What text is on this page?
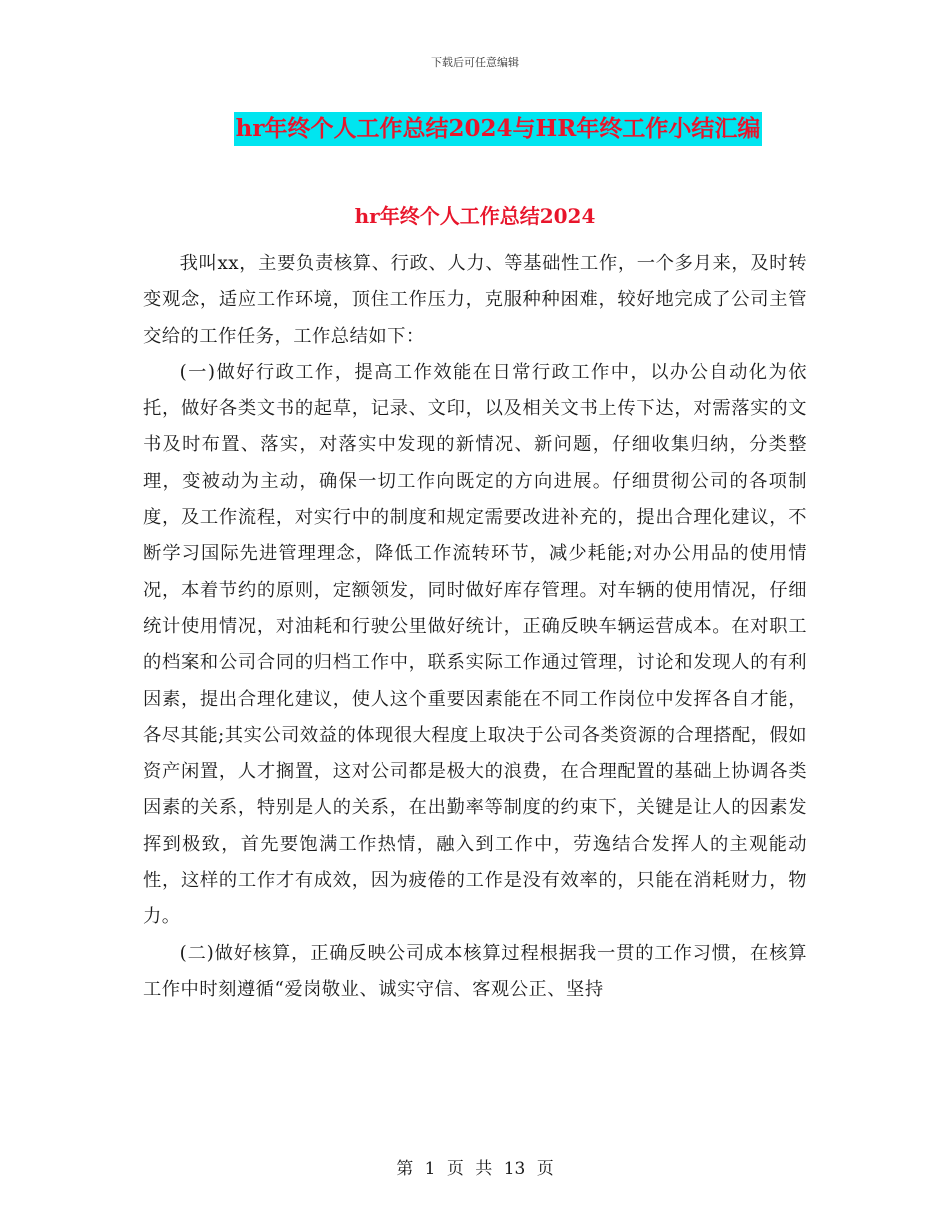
下载后可任意编辑
hr年终个人工作总结2024与HR年终工作小结汇编
hr年终个人工作总结2024

我叫xx，主要负责核算、行政、人力、等基础性工作，一个多月来，及时转变观念，适应工作环境，顶住工作压力，克服种种困难，较好地完成了公司主管交给的工作任务，工作总结如下：

(一)做好行政工作，提高工作效能在日常行政工作中，以办公自动化为依托，做好各类文书的起草，记录、文印，以及相关文书上传下达，对需落实的文书及时布置、落实，对落实中发现的新情况、新问题，仔细收集归纳，分类整理，变被动为主动，确保一切工作向既定的方向进展。仔细贯彻公司的各项制度，及工作流程，对实行中的制度和规定需要改进补充的，提出合理化建议，不断学习国际先进管理理念，降低工作流转环节，减少耗能;对办公用品的使用情况，本着节约的原则，定额领发，同时做好库存管理。对车辆的使用情况，仔细统计使用情况，对油耗和行驶公里做好统计，正确反映车辆运营成本。在对职工的档案和公司合同的归档工作中，联系实际工作通过管理，讨论和发现人的有利因素，提出合理化建议，使人这个重要因素能在不同工作岗位中发挥各自才能，各尽其能;其实公司效益的体现很大程度上取决于公司各类资源的合理搭配，假如资产闲置，人才搁置，这对公司都是极大的浪费，在合理配置的基础上协调各类因素的关系，特别是人的关系，在出勤率等制度的约束下，关键是让人的因素发挥到极致，首先要饱满工作热情，融入到工作中，劳逸结合发挥人的主观能动性，这样的工作才有成效，因为疲倦的工作是没有效率的，只能在消耗财力，物力。

(二)做好核算，正确反映公司成本核算过程根据我一贯的工作习惯，在核算工作中时刻遵循“爱岗敬业、诚实守信、客观公正、坚持

第 1 页 共 13 页
